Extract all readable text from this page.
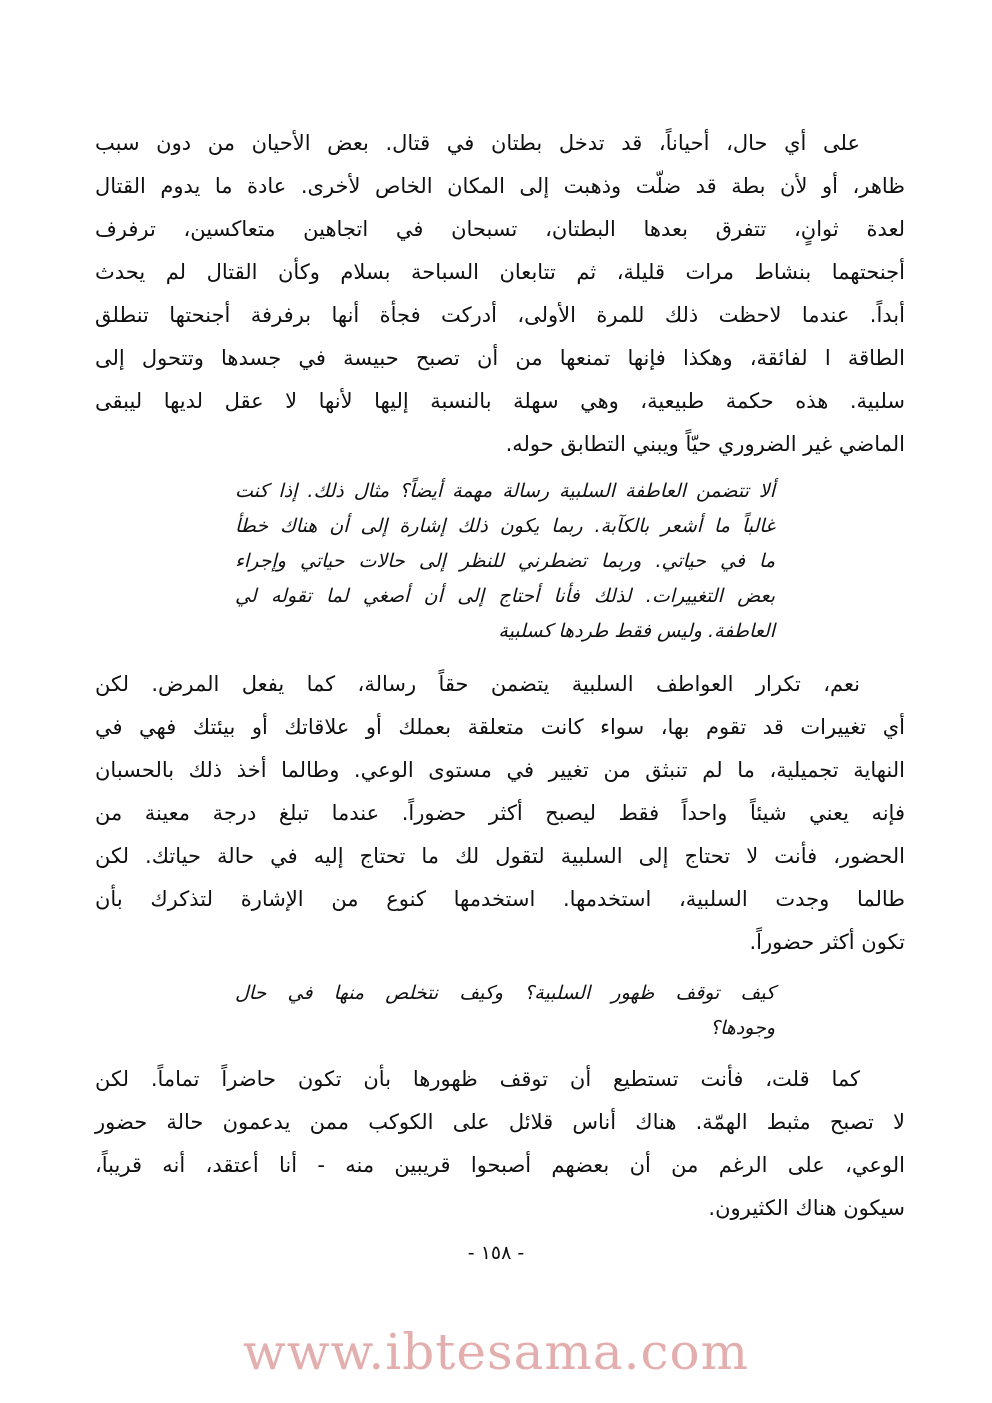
على أي حال، أحياناً، قد تدخل بطتان في قتال. بعض الأحيان من دون سبب
ظاهر، أو لأن بطة قد ضلّت وذهبت إلى المكان الخاص لأخرى. عادة ما يدوم القتال
لعدة ثوانٍ، تتفرق بعدها البطتان، تسبحان في اتجاهين متعاكسين، ترفرف
أجنحتهما بنشاط مرات قليلة، ثم تتابعان السباحة بسلام وكأن القتال لم يحدث
أبداً. عندما لاحظت ذلك للمرة الأولى، أدركت فجأة أنها برفرفة أجنحتها تنطلق
الطاقة ا لفائقة، وهكذا فإنها تمنعها من أن تصبح حبيسة في جسدها وتتحول إلى
سلبية. هذه حكمة طبيعية، وهي سهلة بالنسبة إليها لأنها لا عقل لديها ليبقى
الماضي غير الضروري حيّاً ويبني التطابق حوله.
ألا تتضمن العاطفة السلبية رسالة مهمة أيضاً؟ مثال ذلك. إذا كنت
غالباً ما أشعر بالكآبة. ربما يكون ذلك إشارة إلى أن هناك خطأ
ما في حياتي. وربما تضطرني للنظر إلى حالات حياتي وإجراء
بعض التغييرات. لذلك فأنا أحتاج إلى أن أصغي لما تقوله لي
العاطفة. وليس فقط طردها كسلبية
نعم، تكرار العواطف السلبية يتضمن حقاً رسالة، كما يفعل المرض. لكن
أي تغييرات قد تقوم بها، سواء كانت متعلقة بعملك أو علاقاتك أو بيئتك فهي في
النهاية تجميلية، ما لم تنبثق من تغيير في مستوى الوعي. وطالما أخذ ذلك بالحسبان
فإنه يعني شيئاً واحداً فقط ليصبح أكثر حضوراً. عندما تبلغ درجة معينة من
الحضور، فأنت لا تحتاج إلى السلبية لتقول لك ما تحتاج إليه في حالة حياتك. لكن
طالما وجدت السلبية، استخدمها. استخدمها كنوع من الإشارة لتذكرك بأن
تكون أكثر حضوراً.
كيف توقف ظهور السلبية؟ وكيف نتخلص منها في حال
وجودها؟
كما قلت، فأنت تستطيع أن توقف ظهورها بأن تكون حاضراً تماماً. لكن
لا تصبح مثبط الهمّة. هناك أناس قلائل على الكوكب ممن يدعمون حالة حضور
الوعي، على الرغم من أن بعضهم أصبحوا قريبين منه - أنا أعتقد، أنه قريباً،
سيكون هناك الكثيرون.
- ١٥٨ -
www.ibtesama.com
